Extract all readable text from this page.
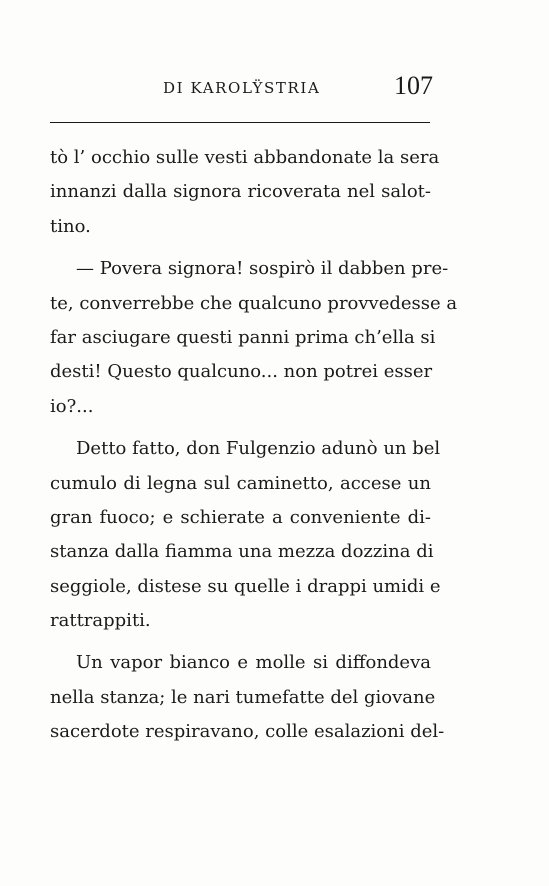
DI KAROLŸSTRIA	107
tò l’ occhio sulle vesti abbandonate la sera
innanzi dalla signora ricoverata nel salot-
tino.
— Povera signora! sospirò il dabben pre-
te, converrebbe che qualcuno provvedesse a
far asciugare questi panni prima ch’ella si
desti! Questo qualcuno... non potrei esser
io?...
Detto fatto, don Fulgenzio adunò un bel
cumulo di legna sul caminetto, accese un
gran fuoco; e schierate a conveniente di-
stanza dalla fiamma una mezza dozzina di
seggiole, distese su quelle i drappi umidi e
rattrappiti.
Un vapor bianco e molle si diffondeva
nella stanza; le nari tumefatte del giovane
sacerdote respiravano, colle esalazioni del-
